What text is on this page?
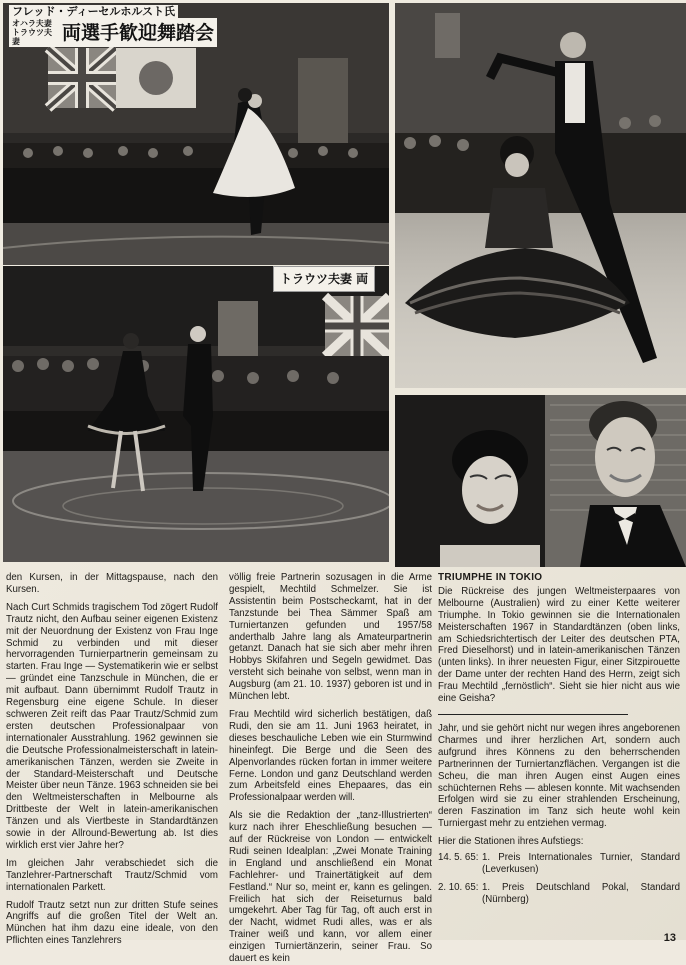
フレッド・ディーセルホルスト氏
オハラ夫妻 トラウツ夫妻	両選手歓迎舞踏会
トラウツ夫妻 両

den Kursen, in der Mittagspause, nach den Kursen.

Nach Curt Schmids tragischem Tod zögert Rudolf Trautz nicht, den Aufbau seiner eigenen Existenz mit der Neuordnung der Existenz von Frau Inge Schmid zu verbinden und mit dieser hervorragenden Turnierpartnerin gemeinsam zu starten. Frau Inge — Systematikerin wie er selbst — gründet eine Tanzschule in München, die er mit aufbaut. Dann übernimmt Rudolf Trautz in Regensburg eine eigene Schule. In dieser schweren Zeit reift das Paar Trautz/Schmid zum ersten deutschen Professionalpaar von internationaler Ausstrahlung. 1962 gewinnen sie die Deutsche Professionalmeisterschaft in latein-amerikanischen Tänzen, werden sie Zweite in der Standard-Meisterschaft und Deutsche Meister über neun Tänze. 1963 schneiden sie bei den Weltmeisterschaften in Melbourne als Drittbeste der Welt in latein-amerikanischen Tänzen und als Viertbeste in Standardtänzen sowie in der Allround-Bewertung ab. Ist dies wirklich erst vier Jahre her?

Im gleichen Jahr verabschiedet sich die Tanzlehrer-Partnerschaft Trautz/Schmid vom internationalen Parkett.

Rudolf Trautz setzt nun zur dritten Stufe seines Angriffs auf die großen Titel der Welt an. München hat ihm dazu eine ideale, von den Pflichten eines Tanzlehrers

völlig freie Partnerin sozusagen in die Arme gespielt, Mechtild Schmelzer. Sie ist Assistentin beim Postscheckamt, hat in der Tanzstunde bei Thea Sämmer Spaß am Turniertanzen gefunden und 1957/58 anderthalb Jahre lang als Amateurpartnerin getanzt. Danach hat sie sich aber mehr ihren Hobbys Skifahren und Segeln gewidmet. Das versteht sich beinahe von selbst, wenn man in Augsburg (am 21. 10. 1937) geboren ist und in München lebt.

Frau Mechtild wird sicherlich bestätigen, daß Rudi, den sie am 11. Juni 1963 heiratet, in dieses beschauliche Leben wie ein Sturmwind hineinfegt. Die Berge und die Seen des Alpenvorlandes rücken fortan in immer weitere Ferne. London und ganz Deutschland werden zum Arbeitsfeld eines Ehepaares, das ein Professionalpaar werden will.

Als sie die Redaktion der „tanz-Illustrierten“ kurz nach ihrer Eheschließung besuchen — auf der Rückreise von London — entwickelt Rudi seinen Idealplan: „Zwei Monate Training in England und anschließend ein Monat Fachlehrer- und Trainertätigkeit auf dem Festland.“ Nur so, meint er, kann es gelingen. Freilich hat sich der Reiseturnus bald umgekehrt. Aber Tag für Tag, oft auch erst in der Nacht, widmet Rudi alles, was er als Trainer weiß und kann, vor allem einer einzigen Turniertänzerin, seiner Frau. So dauert es kein

TRIUMPHE IN TOKIO

Die Rückreise des jungen Weltmeisterpaares von Melbourne (Australien) wird zu einer Kette weiterer Triumphe. In Tokio gewinnen sie die Internationalen Meisterschaften 1967 in Standardtänzen (oben links, am Schiedsrichtertisch der Leiter des deutschen PTA, Fred Dieselhorst) und in latein-amerikanischen Tänzen (unten links). In ihrer neuesten Figur, einer Sitzpirouette der Dame unter der rechten Hand des Herrn, zeigt sich Frau Mechtild „fernöstlich“. Sieht sie hier nicht aus wie eine Geisha?

Jahr, und sie gehört nicht nur wegen ihres angeborenen Charmes und ihrer herzlichen Art, sondern auch aufgrund ihres Könnens zu den beherrschenden Partnerinnen der Turniertanzflächen. Vergangen ist die Scheu, die man ihren Augen einst Augen eines schüchternen Rehs — ablesen konnte. Mit wachsenden Erfolgen wird sie zu einer strahlenden Erscheinung, deren Faszination im Tanz sich heute wohl kein Turniergast mehr zu entziehen vermag.

Hier die Stationen ihres Aufstiegs:

14. 5. 65: 1. Preis Internationales Turnier, Standard (Leverkusen)
2. 10. 65: 1. Preis Deutschland Pokal, Standard (Nürnberg)
13
